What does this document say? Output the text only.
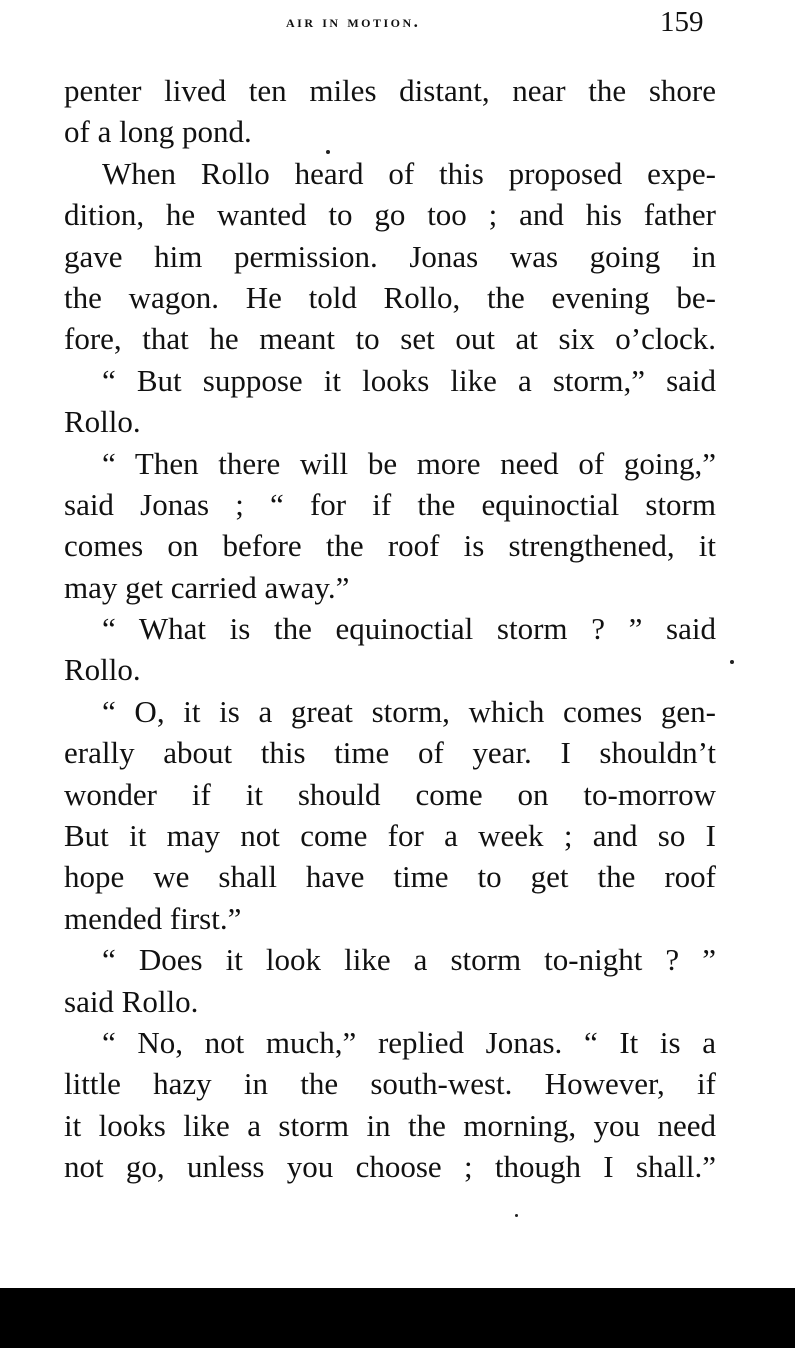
air in motion.	159
penter lived ten miles distant, near the shore
of a long pond.
When Rollo heard of this proposed expe-
dition, he wanted to go too ; and his father
gave him permission. Jonas was going in
the wagon. He told Rollo, the evening be-
fore, that he meant to set out at six o’clock.
“ But suppose it looks like a storm,” said
Rollo.
“ Then there will be more need of going,”
said Jonas ; “ for if the equinoctial storm
comes on before the roof is strengthened, it
may get carried away.”
“ What is the equinoctial storm ? ” said
Rollo.
“ O, it is a great storm, which comes gen-
erally about this time of year. I shouldn’t
wonder if it should come on to-morrow
But it may not come for a week ; and so I
hope we shall have time to get the roof
mended first.”
“ Does it look like a storm to-night ? ”
said Rollo.
“ No, not much,” replied Jonas. “ It is a
little hazy in the south-west. However, if
it looks like a storm in the morning, you need
not go, unless you choose ; though I shall.”
